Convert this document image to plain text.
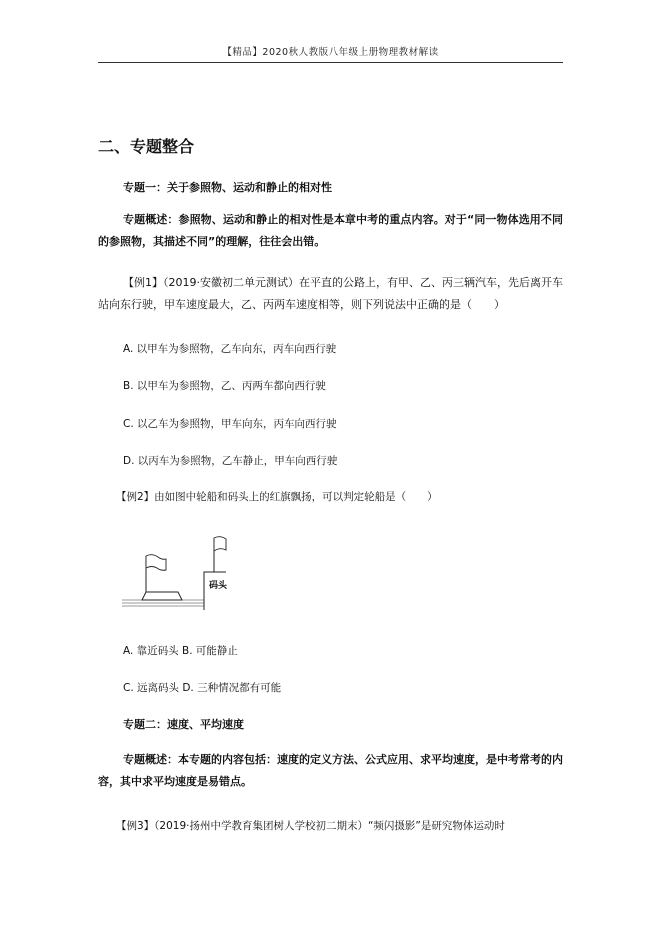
【精品】2020秋人教版八年级上册物理教材解读
二、专题整合
专题一：关于参照物、运动和静止的相对性
专题概述：参照物、运动和静止的相对性是本章中考的重点内容。对于“同一物体选用不同的参照物，其描述不同”的理解，往往会出错。
【例1】（2019·安徽初二单元测试）在平直的公路上，有甲、乙、丙三辆汽车，先后离开车站向东行驶，甲车速度最大，乙、丙两车速度相等，则下列说法中正确的是（　　）
A. 以甲车为参照物，乙车向东，丙车向西行驶
B. 以甲车为参照物，乙、丙两车都向西行驶
C. 以乙车为参照物，甲车向东，丙车向西行驶
D. 以丙车为参照物，乙车静止，甲车向西行驶
【例2】由如图中轮船和码头上的红旗飘扬，可以判定轮船是（　　）
码头
A. 靠近码头 B. 可能静止
C. 远离码头 D. 三种情况都有可能
专题二：速度、平均速度
专题概述：本专题的内容包括：速度的定义方法、公式应用、求平均速度，是中考常考的内容，其中求平均速度是易错点。
【例3】（2019·扬州中学教育集团树人学校初二期末）“频闪摄影”是研究物体运动时
